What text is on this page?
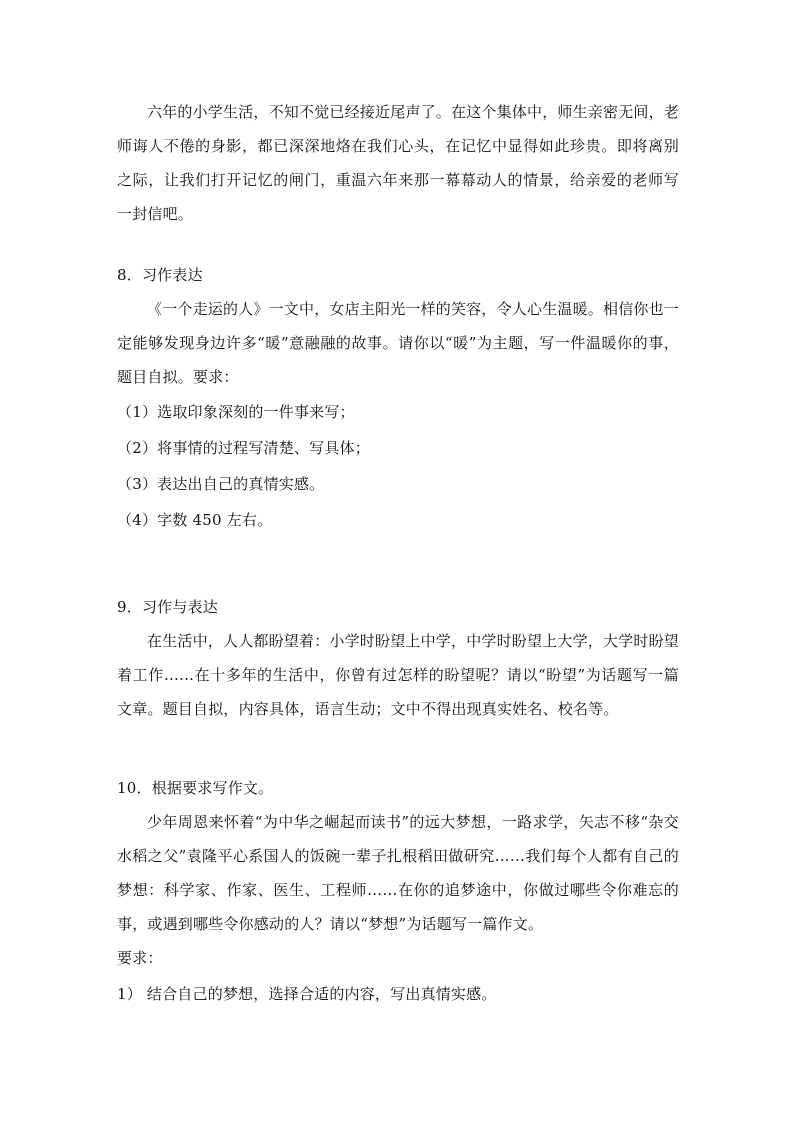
六年的小学生活，不知不觉已经接近尾声了。在这个集体中，师生亲密无间，老师诲人不倦的身影，都已深深地烙在我们心头，在记忆中显得如此珍贵。即将离别之际，让我们打开记忆的闸门，重温六年来那一幕幕动人的情景，给亲爱的老师写一封信吧。

8．习作表达

《一个走运的人》一文中，女店主阳光一样的笑容，令人心生温暖。相信你也一定能够发现身边许多“暖”意融融的故事。请你以“暖”为主题，写一件温暖你的事，题目自拟。要求：

（1）选取印象深刻的一件事来写；

（2）将事情的过程写清楚、写具体；

（3）表达出自己的真情实感。

（4）字数 450 左右。

9．习作与表达

在生活中，人人都盼望着：小学时盼望上中学，中学时盼望上大学，大学时盼望着工作……在十多年的生活中，你曾有过怎样的盼望呢？请以“盼望”为话题写一篇文章。题目自拟，内容具体，语言生动；文中不得出现真实姓名、校名等。

10．根据要求写作文。

少年周恩来怀着“为中华之崛起而读书”的远大梦想，一路求学，矢志不移“杂交水稻之父”袁隆平心系国人的饭碗一辈子扎根稻田做研究……我们每个人都有自己的梦想：科学家、作家、医生、工程师……在你的追梦途中，你做过哪些令你难忘的事，或遇到哪些令你感动的人？请以“梦想”为话题写一篇作文。

要求：

1） 结合自己的梦想，选择合适的内容，写出真情实感。
